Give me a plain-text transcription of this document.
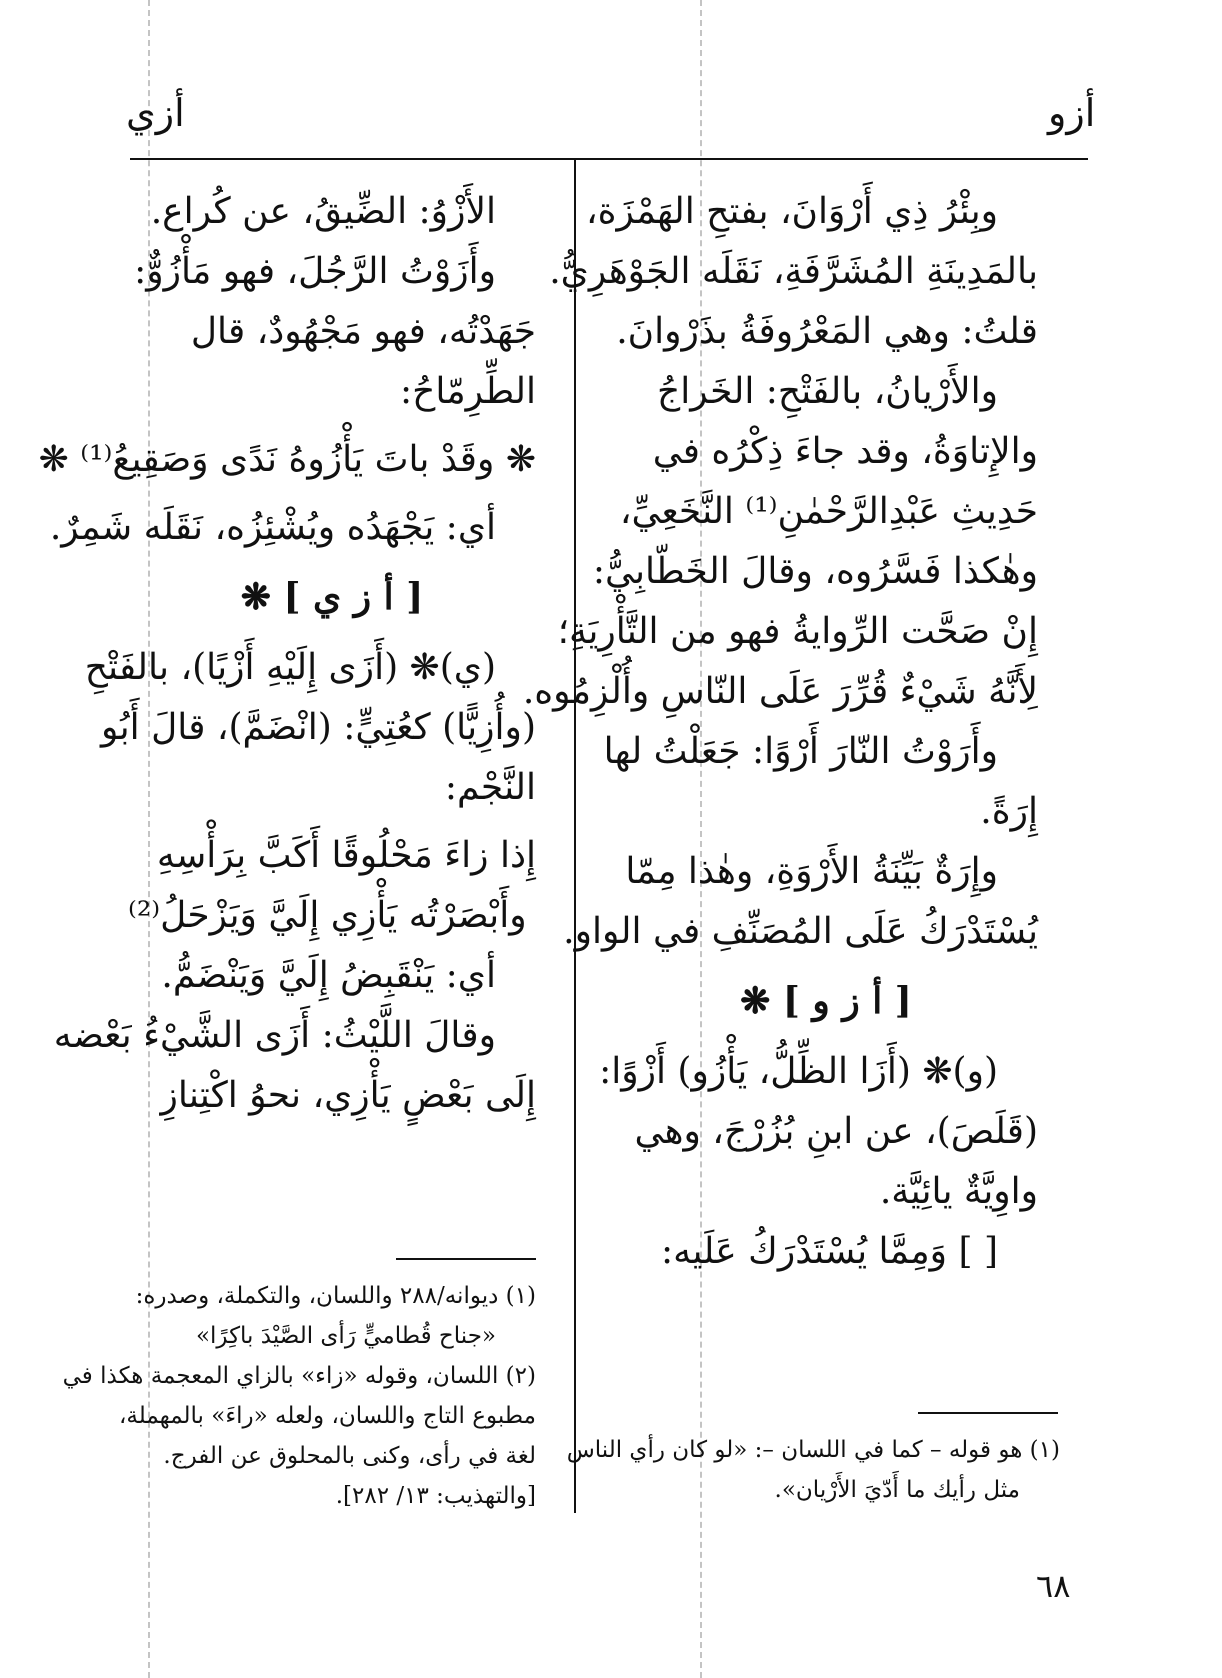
أزو
أزي
وبِئْرُ ذِي أَرْوَانَ، بفتحِ الهَمْزَة،
بالمَدِينَةِ المُشَرَّفَةِ، نَقَلَه الجَوْهَرِيُّ.
قلتُ: وهي المَعْرُوفَةُ بذَرْوانَ.
والأَرْيانُ، بالفَتْحِ: الخَراجُ
والإِتاوَةُ، وقد جاءَ ذِكْرُه في
حَدِيثِ عَبْدِالرَّحْمٰنِ⁽¹⁾ النَّخَعِيِّ،
وهٰكذا فَسَّرُوه، وقالَ الخَطّابِيُّ:
إِنْ صَحَّت الرِّوايةُ فهو من التَّأْرِيَةِ؛
لِأَنَّهُ شَيْءٌ قُرِّرَ عَلَى النّاسِ وأُلْزِمُوه.
وأَرَوْتُ النّارَ أَرْوًا: جَعَلْتُ لها
إِرَةً.
وإِرَةٌ بَيِّنَةُ الأَرْوَةِ، وهٰذا مِمّا
يُسْتَدْرَكُ عَلَى المُصَنِّفِ في الواو.
[ أ ز و ] ❋
(و)❋ (أَزَا الظِّلُّ، يَأْزُو) أَزْوًا:
(قَلَصَ)، عن ابنِ بُزُرْجَ، وهي
واوِيَّةٌ يائِيَّة.
[ ] وَمِمَّا يُسْتَدْرَكُ عَلَيه:
الأَزْوُ: الضِّيقُ، عن كُراع.
وأَزَوْتُ الرَّجُلَ، فهو مَأْزُوٌّ:
جَهَدْتُه، فهو مَجْهُودٌ، قال
الطِّرِمّاحُ:
❋ وقَدْ باتَ يَأْزُوهُ نَدًى وَصَقِيعُ⁽¹⁾ ❋
أي: يَجْهَدُه ويُشْئِزُه، نَقَلَه شَمِرٌ.
[ أ ز ي ] ❋
(ي)❋ (أَزَى إِلَيْهِ أَزْيًا)، بالفَتْحِ
(وأُزِيًّا) كعُتِيٍّ: (انْضَمَّ)، قالَ أَبُو
النَّجْم:
إِذا زاءَ مَحْلُوقًا أَكَبَّ بِرَأْسِهِ
وأَبْصَرْتُه يَأْزِي إِلَيَّ وَيَزْحَلُ⁽²⁾
أي: يَنْقَبِضُ إِلَيَّ وَيَنْضَمُّ.
وقالَ اللَّيْثُ: أَزَى الشَّيْءُ بَعْضه
إِلَى بَعْضٍ يَأْزِي، نحوُ اكْتِنازِ
(١) ديوانه/٢٨٨ واللسان، والتكملة، وصدره:
«جناح قُطاميٍّ رَأى الصَّيْدَ باكِرًا»
(٢) اللسان، وقوله «زاء» بالزاي المعجمة هكذا في
مطبوع التاج واللسان، ولعله «راءَ» بالمهملة،
لغة في رأى، وكنى بالمحلوق عن الفرج.
[والتهذيب: ١٣/ ٢٨٢].
(١) هو قوله – كما في اللسان –: «لو كان رأي الناس
مثل رأيك ما أَدّيَ الأَرْيان».
٦٨
